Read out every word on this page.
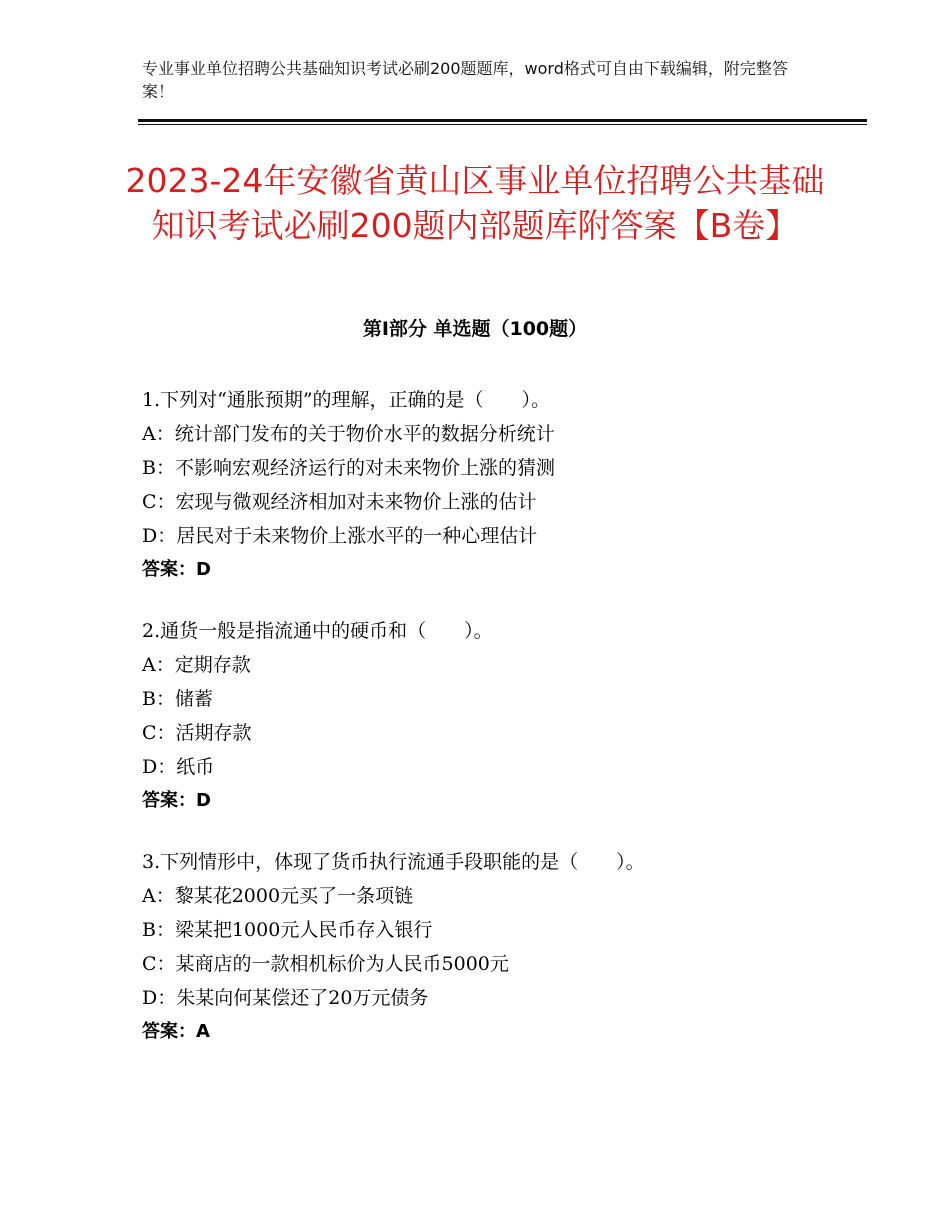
专业事业单位招聘公共基础知识考试必刷200题题库，word格式可自由下载编辑，附完整答案！
2023-24年安徽省黄山区事业单位招聘公共基础知识考试必刷200题内部题库附答案【B卷】
第Ⅰ部分 单选题（100题）
1.下列对“通胀预期”的理解，正确的是（　　）。
A：统计部门发布的关于物价水平的数据分析统计
B：不影响宏观经济运行的对未来物价上涨的猜测
C：宏现与微观经济相加对未来物价上涨的估计
D：居民对于未来物价上涨水平的一种心理估计
答案：D
2.通货一般是指流通中的硬币和（　　）。
A：定期存款
B：储蓄
C：活期存款
D：纸币
答案：D
3.下列情形中，体现了货币执行流通手段职能的是（　　）。
A：黎某花2000元买了一条项链
B：梁某把1000元人民币存入银行
C：某商店的一款相机标价为人民币5000元
D：朱某向何某偿还了20万元债务
答案：A
